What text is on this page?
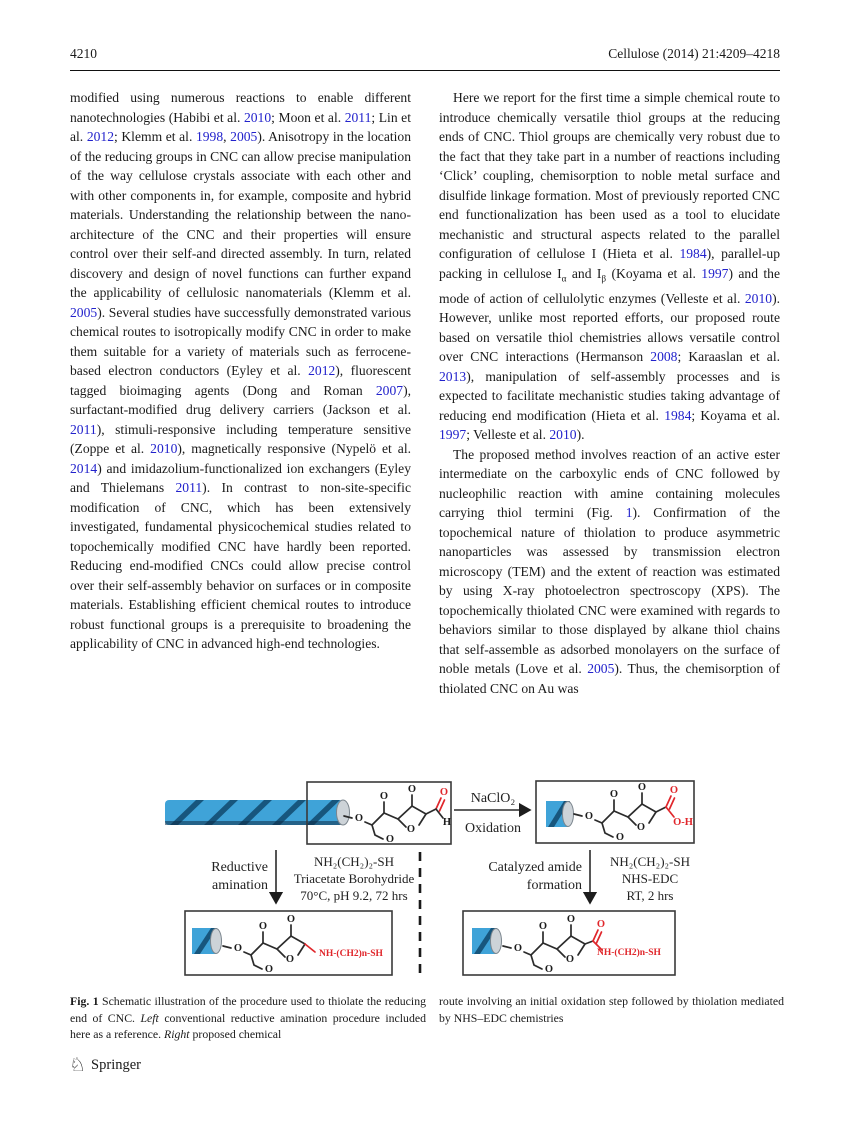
4210	Cellulose (2014) 21:4209–4218

modified using numerous reactions to enable different nanotechnologies (Habibi et al. 2010; Moon et al. 2011; Lin et al. 2012; Klemm et al. 1998, 2005). Anisotropy in the location of the reducing groups in CNC can allow precise manipulation of the way cellulose crystals associate with each other and with other components in, for example, composite and hybrid materials. Understanding the relationship between the nano-architecture of the CNC and their properties will ensure control over their self-and directed assembly. In turn, related discovery and design of novel functions can further expand the applicability of cellulosic nanomaterials (Klemm et al. 2005). Several studies have successfully demonstrated various chemical routes to isotropically modify CNC in order to make them suitable for a variety of materials such as ferrocene-based electron conductors (Eyley et al. 2012), fluorescent tagged bioimaging agents (Dong and Roman 2007), surfactant-modified drug delivery carriers (Jackson et al. 2011), stimuli-responsive including temperature sensitive (Zoppe et al. 2010), magnetically responsive (Nypelö et al. 2014) and imidazolium-functionalized ion exchangers (Eyley and Thielemans 2011). In contrast to non-site-specific modification of CNC, which has been extensively investigated, fundamental physicochemical studies related to topochemically modified CNC have hardly been reported. Reducing end-modified CNCs could allow precise control over their self-assembly behavior on surfaces or in composite materials. Establishing efficient chemical routes to introduce robust functional groups is a prerequisite to broadening the applicability of CNC in advanced high-end technologies.

Here we report for the first time a simple chemical route to introduce chemically versatile thiol groups at the reducing ends of CNC. Thiol groups are chemically very robust due to the fact that they take part in a number of reactions including ‘Click’ coupling, chemisorption to noble metal surface and disulfide linkage formation. Most of previously reported CNC end functionalization has been used as a tool to elucidate mechanistic and structural aspects related to the parallel configuration of cellulose I (Hieta et al. 1984), parallel-up packing in cellulose $I_\alpha$ and $I_\beta$ (Koyama et al. 1997) and the mode of action of cellulolytic enzymes (Velleste et al. 2010). However, unlike most reported efforts, our proposed route based on versatile thiol chemistries allows versatile control over CNC interactions (Hermanson 2008; Karaaslan et al. 2013), manipulation of self-assembly processes and is expected to facilitate mechanistic studies taking advantage of reducing end modification (Hieta et al. 1984; Koyama et al. 1997; Velleste et al. 2010).

The proposed method involves reaction of an active ester intermediate on the carboxylic ends of CNC followed by nucleophilic reaction with amine containing molecules carrying thiol termini (Fig. 1). Confirmation of the topochemical nature of thiolation to produce asymmetric nanoparticles was assessed by transmission electron microscopy (TEM) and the extent of reaction was estimated by using X-ray photoelectron spectroscopy (XPS). The topochemically thiolated CNC were examined with regards to behaviors similar to those displayed by alkane thiol chains that self-assemble as adsorbed monolayers on the surface of noble metals (Love et al. 2005). Thus, the chemisorption of thiolated CNC on Au was

O
O
O
O
O
O
H
NaClO₂
Oxidation
O
O
O
O
O
O
O-H
Reductive
amination
NH₂(CH₂)₂-SH
Triacetate Borohydride
70°C, pH 9.2, 72 hrs
Catalyzed amide
formation
NH₂(CH₂)₂-SH
NHS-EDC
RT, 2 hrs
O
O
O
O
O
NH-(CH2)n-SH	O
O
O
O
O
O
NH-(CH2)n-SH
Fig. 1 Schematic illustration of the procedure used to thiolate the reducing end of CNC. Left conventional reductive amination procedure included here as a reference. Right proposed chemical
route involving an initial oxidation step followed by thiolation mediated by NHS–EDC chemistries
♘ Springer
